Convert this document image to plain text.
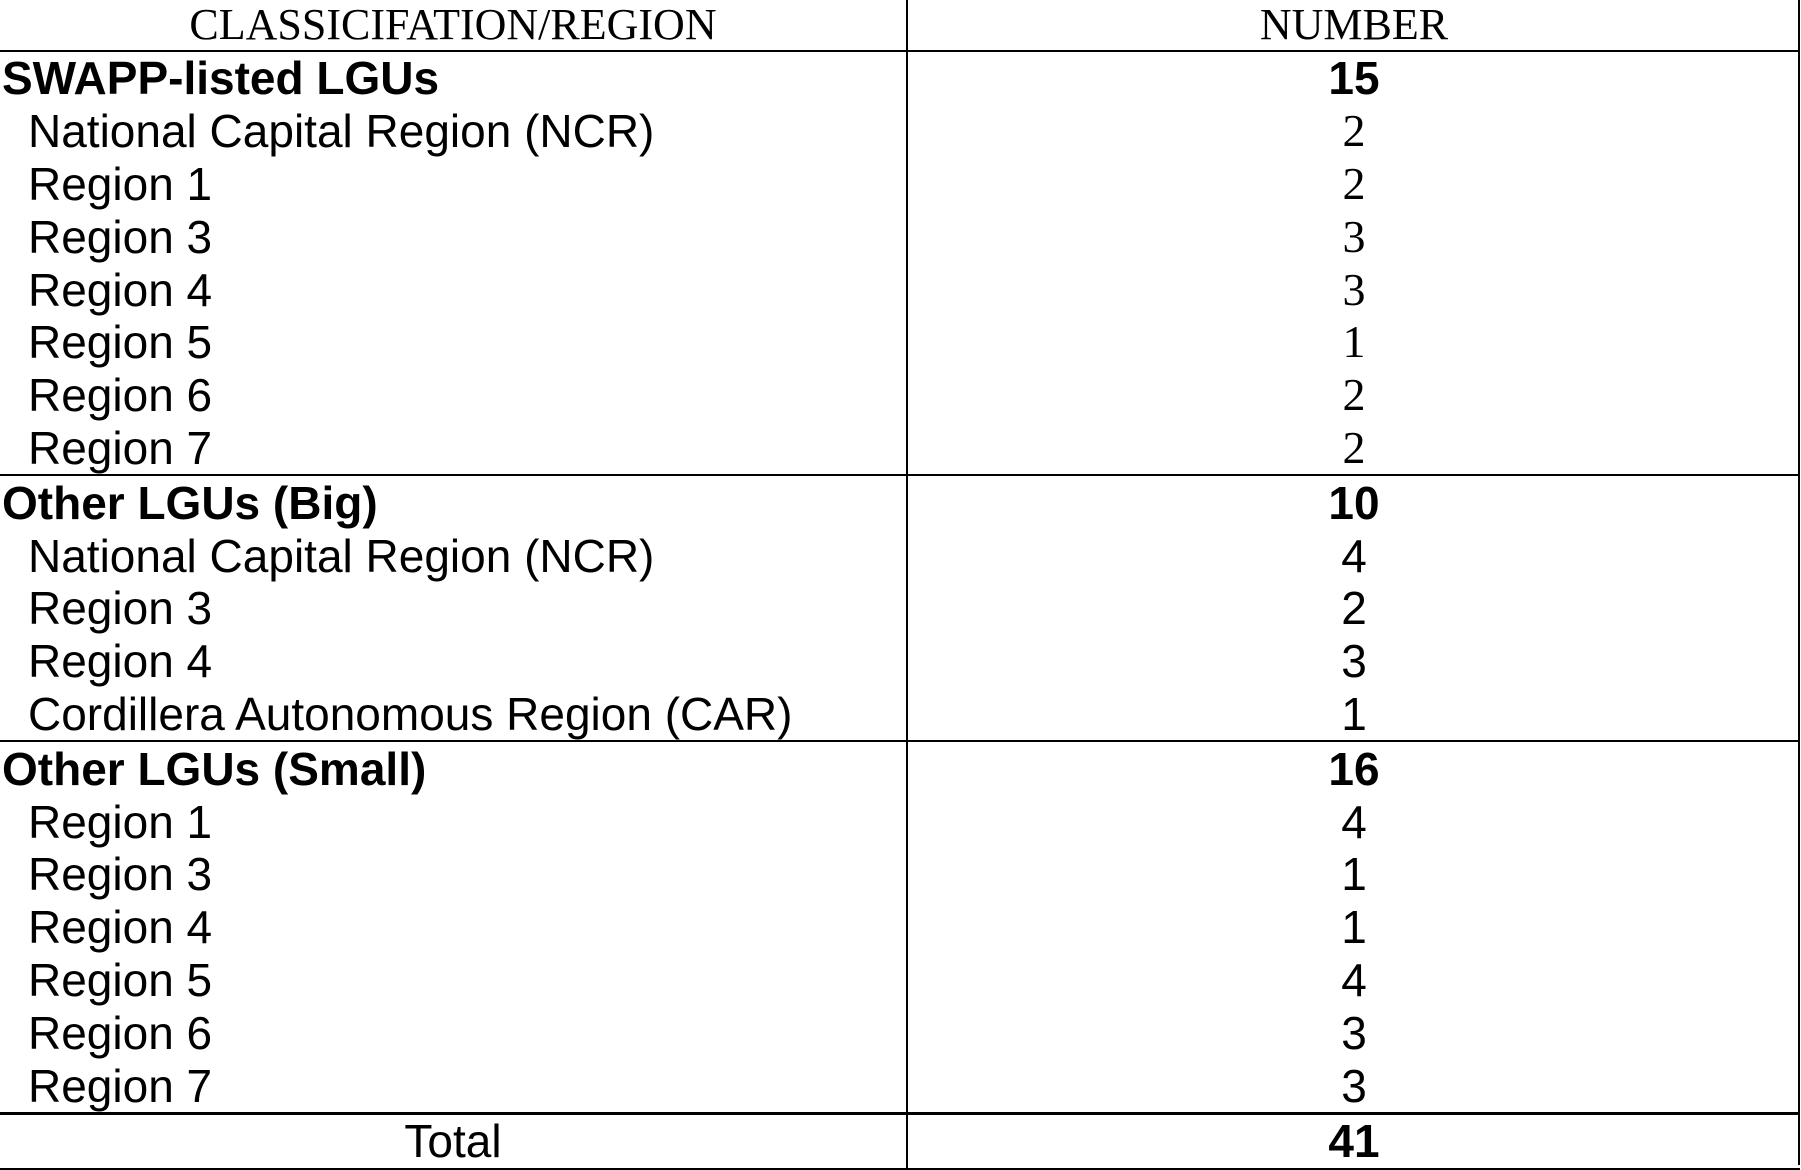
CLASSICIFATION/REGION	NUMBER
SWAPP-listed LGUs	15
National Capital Region (NCR)	2
Region 1	2
Region 3	3
Region 4	3
Region 5	1
Region 6	2
Region 7	2
Other LGUs (Big)	10
National Capital Region (NCR)	4
Region 3	2
Region 4	3
Cordillera Autonomous Region (CAR)	1
Other LGUs (Small)	16
Region 1	4
Region 3	1
Region 4	1
Region 5	4
Region 6	3
Region 7	3
Total	41
